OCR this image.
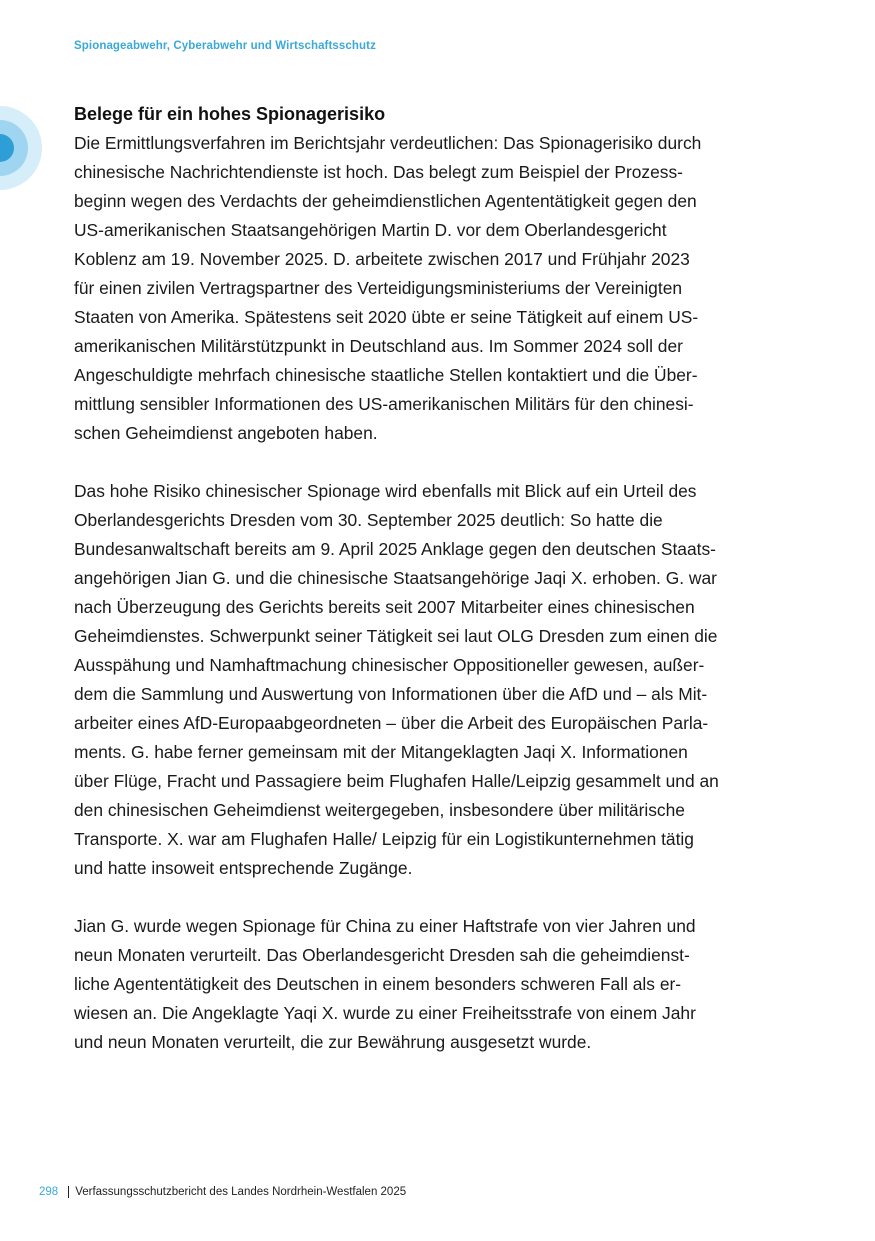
Spionageabwehr, Cyberabwehr und Wirtschaftsschutz
Belege für ein hohes Spionagerisiko

Die Ermittlungsverfahren im Berichtsjahr verdeutlichen: Das Spionagerisiko durch
chinesische Nachrichtendienste ist hoch. Das belegt zum Beispiel der Prozess-
beginn wegen des Verdachts der geheimdienstlichen Agententätigkeit gegen den
US-amerikanischen Staatsangehörigen Martin D. vor dem Oberlandesgericht
Koblenz am 19. November 2025. D. arbeitete zwischen 2017 und Frühjahr 2023
für einen zivilen Vertragspartner des Verteidigungsministeriums der Vereinigten
Staaten von Amerika. Spätestens seit 2020 übte er seine Tätigkeit auf einem US-
amerikanischen Militärstützpunkt in Deutschland aus. Im Sommer 2024 soll der
Angeschuldigte mehrfach chinesische staatliche Stellen kontaktiert und die Über-
mittlung sensibler Informationen des US-amerikanischen Militärs für den chinesi-
schen Geheimdienst angeboten haben.

Das hohe Risiko chinesischer Spionage wird ebenfalls mit Blick auf ein Urteil des
Oberlandesgerichts Dresden vom 30. September 2025 deutlich: So hatte die
Bundesanwaltschaft bereits am 9. April 2025 Anklage gegen den deutschen Staats-
angehörigen Jian G. und die chinesische Staatsangehörige Jaqi X. erhoben. G. war
nach Überzeugung des Gerichts bereits seit 2007 Mitarbeiter eines chinesischen
Geheimdienstes. Schwerpunkt seiner Tätigkeit sei laut OLG Dresden zum einen die
Ausspähung und Namhaftmachung chinesischer Oppositioneller gewesen, außer-
dem die Sammlung und Auswertung von Informationen über die AfD und – als Mit-
arbeiter eines AfD-Europaabgeordneten – über die Arbeit des Europäischen Parla-
ments. G. habe ferner gemeinsam mit der Mitangeklagten Jaqi X. Informationen
über Flüge, Fracht und Passagiere beim Flughafen Halle/Leipzig gesammelt und an
den chinesischen Geheimdienst weitergegeben, insbesondere über militärische
Transporte. X. war am Flughafen Halle/ Leipzig für ein Logistikunternehmen tätig
und hatte insoweit entsprechende Zugänge.

Jian G. wurde wegen Spionage für China zu einer Haftstrafe von vier Jahren und
neun Monaten verurteilt. Das Oberlandesgericht Dresden sah die geheimdienst-
liche Agententätigkeit des Deutschen in einem besonders schweren Fall als er-
wiesen an. Die Angeklagte Yaqi X. wurde zu einer Freiheitsstrafe von einem Jahr
und neun Monaten verurteilt, die zur Bewährung ausgesetzt wurde.

298 Verfassungsschutzbericht des Landes Nordrhein-Westfalen 2025
